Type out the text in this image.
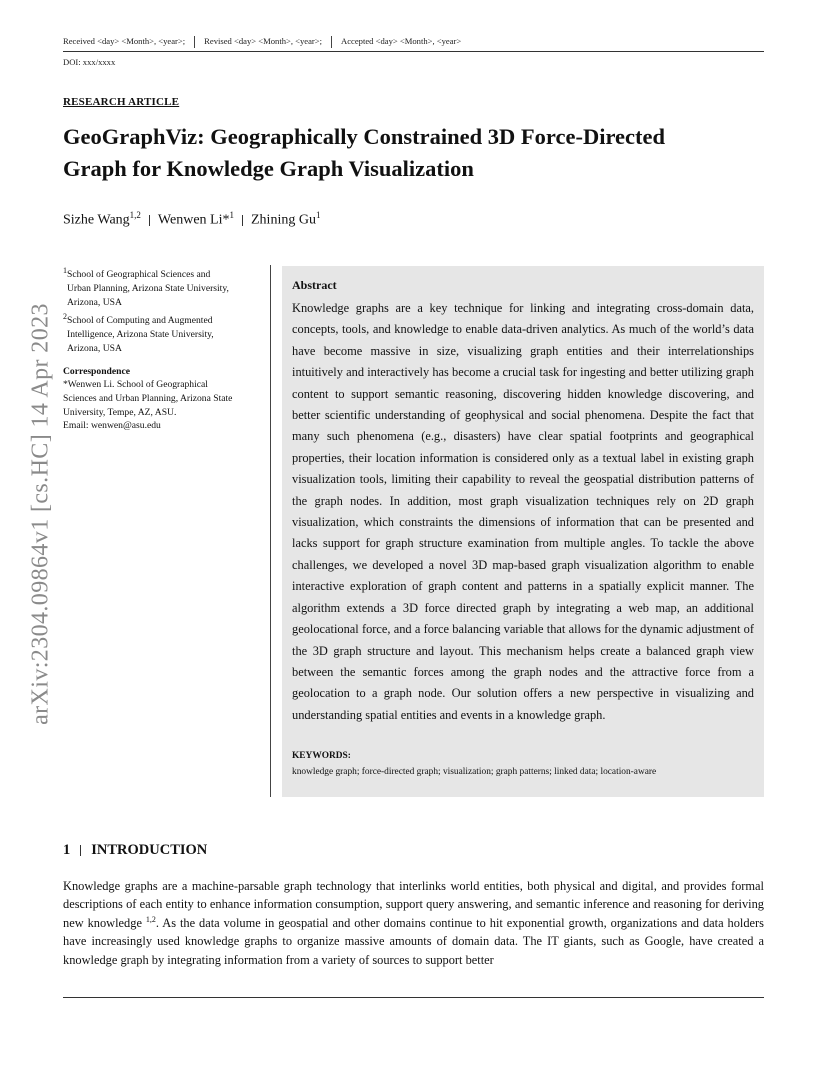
Received <day> <Month>, <year>; Revised <day> <Month>, <year>; Accepted <day> <Month>, <year>
DOI: xxx/xxxx
RESEARCH ARTICLE
GeoGraphViz: Geographically Constrained 3D Force-Directed
Graph for Knowledge Graph Visualization
Sizhe Wang$^{1,2}$ Wenwen Li*$^1$ Zhining Gu$^1$
arXiv:2304.09864v1 [cs.HC] 14 Apr 2023
$^1$School of Geographical Sciences and
Urban Planning, Arizona State University,
Arizona, USA
$^2$School of Computing and Augmented
Intelligence, Arizona State University,
Arizona, USA
Correspondence
*Wenwen Li. School of Geographical
Sciences and Urban Planning, Arizona State
University, Tempe, AZ, ASU.
Email: wenwen@asu.edu
Abstract
Knowledge graphs are a key technique for linking and integrating cross-domain data, concepts, tools, and knowledge to enable data-driven analytics. As much of the world’s data have become massive in size, visualizing graph entities and their interrelationships intuitively and interactively has become a crucial task for ingesting and better utilizing graph content to support semantic reasoning, discovering hidden knowledge discovering, and better scientific understanding of geophysical and social phenomena. Despite the fact that many such phenomena (e.g., disasters) have clear spatial footprints and geographical properties, their location information is considered only as a textual label in existing graph visualization tools, limiting their capability to reveal the geospatial distribution patterns of the graph nodes. In addition, most graph visualization techniques rely on 2D graph visualization, which constraints the dimensions of information that can be presented and lacks support for graph structure examination from multiple angles. To tackle the above challenges, we developed a novel 3D map-based graph visualization algorithm to enable interactive exploration of graph content and patterns in a spatially explicit manner. The algorithm extends a 3D force directed graph by integrating a web map, an additional geolocational force, and a force balancing variable that allows for the dynamic adjustment of the 3D graph structure and layout. This mechanism helps create a balanced graph view between the semantic forces among the graph nodes and the attractive force from a geolocation to a graph node. Our solution offers a new perspective in visualizing and understanding spatial entities and events in a knowledge graph.
KEYWORDS:
knowledge graph; force-directed graph; visualization; graph patterns; linked data; location-aware
1 INTRODUCTION
Knowledge graphs are a machine-parsable graph technology that interlinks world entities, both physical and digital, and provides formal descriptions of each entity to enhance information consumption, support query answering, and semantic inference and reasoning for deriving new knowledge $^{1,2}$. As the data volume in geospatial and other domains continue to hit exponential growth, organizations and data holders have increasingly used knowledge graphs to organize massive amounts of domain data. The IT giants, such as Google, have created a knowledge graph by integrating information from a variety of sources to support better
